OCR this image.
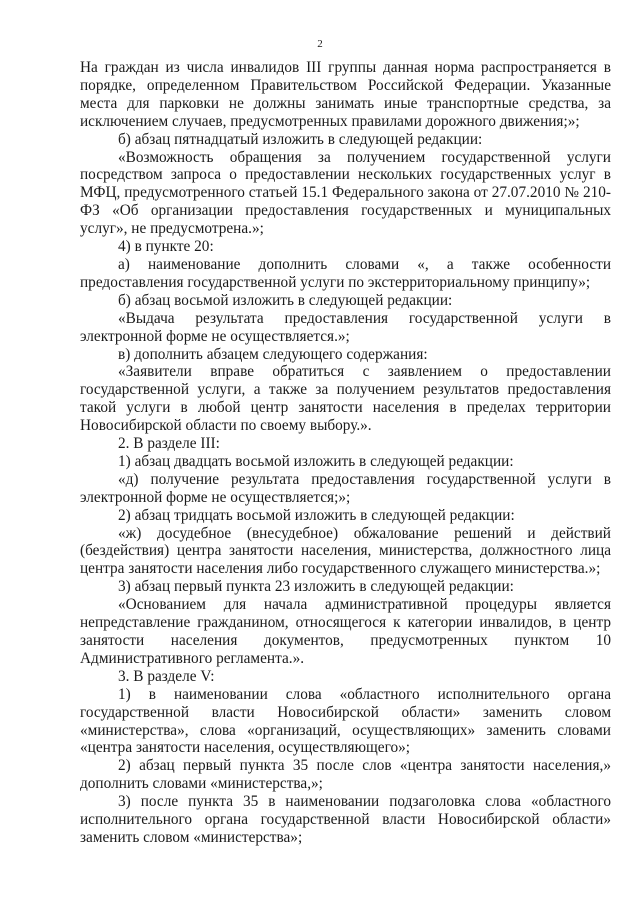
2

На граждан из числа инвалидов III группы данная норма распространяется в порядке, определенном Правительством Российской Федерации. Указанные места для парковки не должны занимать иные транспортные средства, за исключением случаев, предусмотренных правилами дорожного движения;»;

б) абзац пятнадцатый изложить в следующей редакции:

«Возможность обращения за получением государственной услуги посредством запроса о предоставлении нескольких государственных услуг в МФЦ, предусмотренного статьей 15.1 Федерального закона от 27.07.2010 № 210-ФЗ «Об организации предоставления государственных и муниципальных услуг», не предусмотрена.»;

4) в пункте 20:

а) наименование дополнить словами «, а также особенности предоставления государственной услуги по экстерриториальному принципу»;

б) абзац восьмой изложить в следующей редакции:

«Выдача результата предоставления государственной услуги в электронной форме не осуществляется.»;

в) дополнить абзацем следующего содержания:

«Заявители вправе обратиться с заявлением о предоставлении государственной услуги, а также за получением результатов предоставления такой услуги в любой центр занятости населения в пределах территории Новосибирской области по своему выбору.».

2. В разделе III:

1) абзац двадцать восьмой изложить в следующей редакции:

«д) получение результата предоставления государственной услуги в электронной форме не осуществляется;»;

2) абзац тридцать восьмой изложить в следующей редакции:

«ж) досудебное (внесудебное) обжалование решений и действий (бездействия) центра занятости населения, министерства, должностного лица центра занятости населения либо государственного служащего министерства.»;

3) абзац первый пункта 23 изложить в следующей редакции:

«Основанием для начала административной процедуры является непредставление гражданином, относящегося к категории инвалидов, в центр занятости населения документов, предусмотренных пунктом 10 Административного регламента.».

3. В разделе V:

1) в наименовании слова «областного исполнительного органа государственной власти Новосибирской области» заменить словом «министерства», слова «организаций, осуществляющих» заменить словами «центра занятости населения, осуществляющего»;

2) абзац первый пункта 35 после слов «центра занятости населения,» дополнить словами «министерства,»;

3) после пункта 35 в наименовании подзаголовка слова «областного исполнительного органа государственной власти Новосибирской области» заменить словом «министерства»;
